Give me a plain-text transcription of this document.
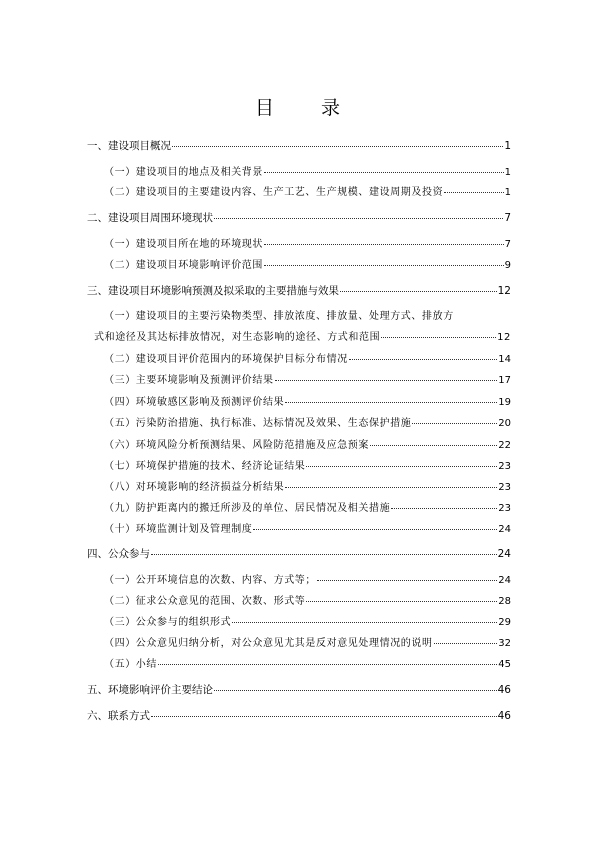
目　录
一、建设项目概况	1
（一）建设项目的地点及相关背景	1
（二）建设项目的主要建设内容、生产工艺、生产规模、建设周期及投资	1
二、建设项目周围环境现状	7
（一）建设项目所在地的环境现状	7
（二）建设项目环境影响评价范围	9
三、建设项目环境影响预测及拟采取的主要措施与效果	12
（一）建设项目的主要污染物类型、排放浓度、排放量、处理方式、排放方
式和途径及其达标排放情况，对生态影响的途径、方式和范围	12
（二）建设项目评价范围内的环境保护目标分布情况	14
（三）主要环境影响及预测评价结果	17
（四）环境敏感区影响及预测评价结果	19
（五）污染防治措施、执行标准、达标情况及效果、生态保护措施	20
（六）环境风险分析预测结果、风险防范措施及应急预案	22
（七）环境保护措施的技术、经济论证结果	23
（八）对环境影响的经济损益分析结果	23
（九）防护距离内的搬迁所涉及的单位、居民情况及相关措施	23
（十）环境监测计划及管理制度	24
四、公众参与	24
（一）公开环境信息的次数、内容、方式等；	24
（二）征求公众意见的范围、次数、形式等	28
（三）公众参与的组织形式	29
（四）公众意见归纳分析，对公众意见尤其是反对意见处理情况的说明	32
（五）小结	45
五、环境影响评价主要结论	46
六、联系方式	46
